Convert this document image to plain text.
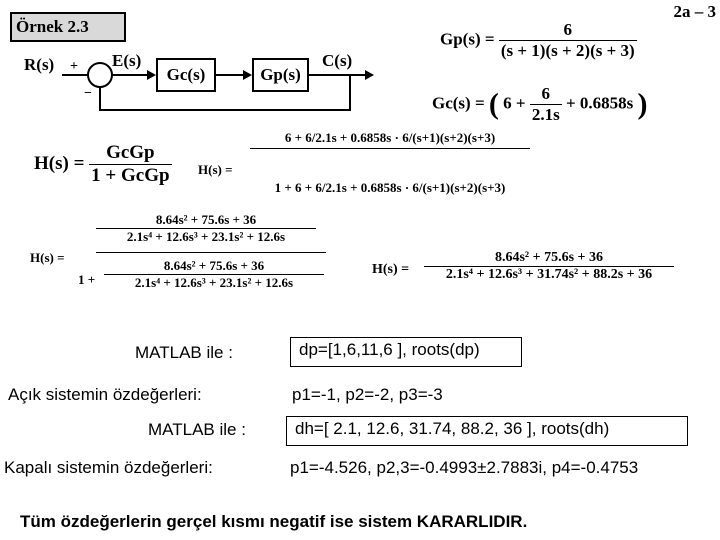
Örnek 2.3
2a – 3
R(s) +
−
E(s)
Gc(s)	Gp(s)
C(s)
$Gp(s) = \frac{6}{(s + 1)(s + 2)(s + 3)}$
Gc(s) = ( $6 + \frac{6}{2.1s} + 0.6858s$ )
$H(s) = \frac{\text{GcGp}}{\text{1 + GcGp}} H(s)$ =
6 + 6/2.1s + 0.6858s · 6/(s+1)(s+2)(s+3)
1 + 6 + 6/2.1s + 0.6858s · 6/(s+1)(s+2)(s+3)
H(s) =
$\frac{\text{8.64s² + 75.6s + 36}}{\text{2.1s⁴ + 12.6s³ + 23.1s² + 12.6s}}$
$1 + \frac{\text{8.64s² + 75.6s + 36}}{\text{2.1s⁴ + 12.6s³ + 23.1s² + 12.6s}}$	$H(s) = \frac{\text{8.64s² + 75.6s + 36}}{\text{2.1s⁴ + 12.6s³ + 31.74s² + 88.2s + 36}}$
MATLAB ile :	dp=[1,6,11,6 ], roots(dp)
Açık sistemin özdeğerleri:	p1=-1, p2=-2, p3=-3
MATLAB ile :	dh=[ 2.1, 12.6, 31.74, 88.2, 36 ], roots(dh)
Kapalı sistemin özdeğerleri:	p1=-4.526, p2,3=-0.4993±2.7883i, p4=-0.4753
Tüm özdeğerlerin gerçel kısmı negatif ise sistem KARARLIDIR.
